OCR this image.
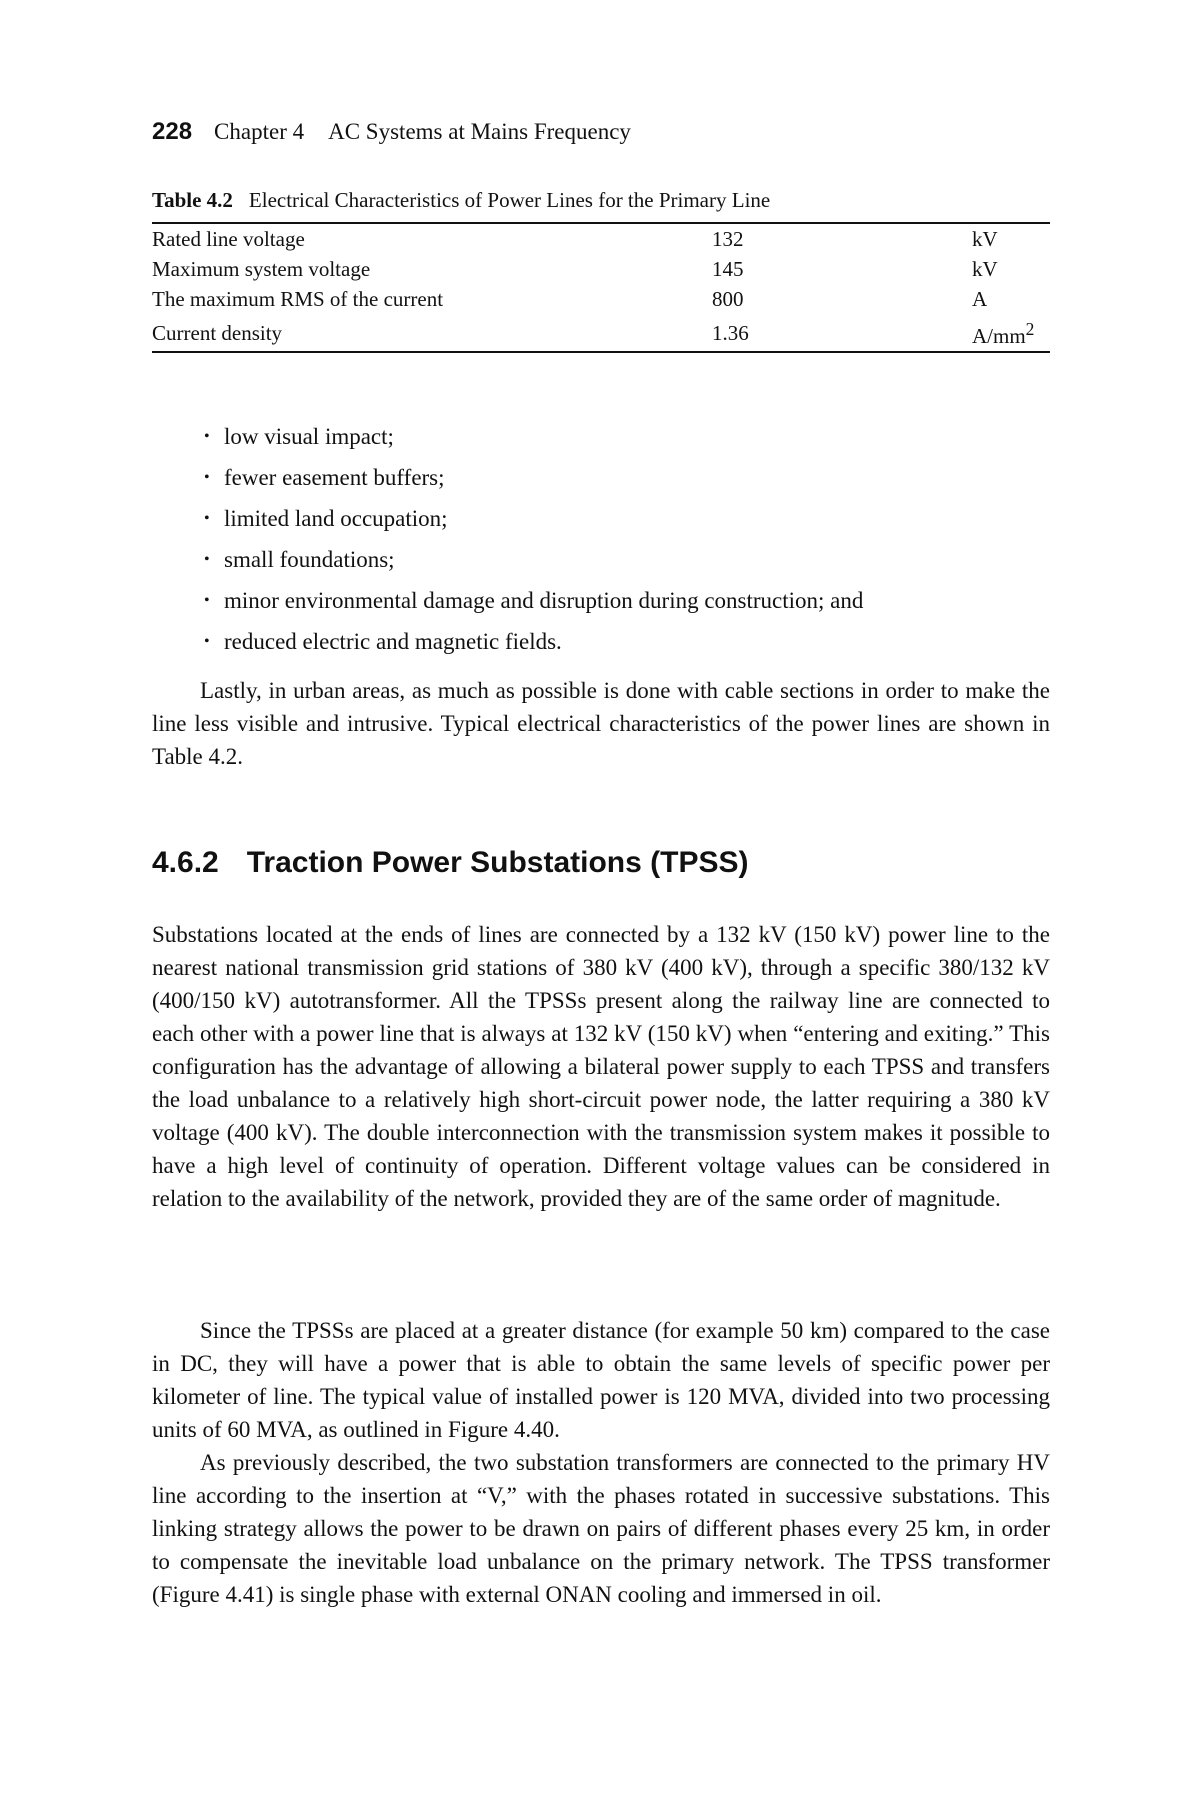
228 Chapter 4 AC Systems at Mains Frequency
Table 4.2 Electrical Characteristics of Power Lines for the Primary Line
Rated line voltage	132	kV
Maximum system voltage	145	kV
The maximum RMS of the current	800	A
Current density	1.36	$A/mm^2$
• low visual impact;
• fewer easement buffers;
• limited land occupation;
• small foundations;
• minor environmental damage and disruption during construction; and
• reduced electric and magnetic fields.

Lastly, in urban areas, as much as possible is done with cable sections in order to make the line less visible and intrusive. Typical electrical characteristics of the power lines are shown in Table 4.2.

4.6.2 Traction Power Substations (TPSS)

Substations located at the ends of lines are connected by a 132 kV (150 kV) power line to the nearest national transmission grid stations of 380 kV (400 kV), through a specific 380/132 kV (400/150 kV) autotransformer. All the TPSSs present along the railway line are connected to each other with a power line that is always at 132 kV (150 kV) when “entering and exiting.” This configuration has the advantage of allowing a bilateral power supply to each TPSS and transfers the load unbalance to a relatively high short-circuit power node, the latter requiring a 380 kV voltage (400 kV). The double interconnection with the transmission system makes it possible to have a high level of continuity of operation. Different voltage values can be considered in relation to the availability of the network, provided they are of the same order of magnitude.

Since the TPSSs are placed at a greater distance (for example 50 km) compared to the case in DC, they will have a power that is able to obtain the same levels of specific power per kilometer of line. The typical value of installed power is 120 MVA, divided into two processing units of 60 MVA, as outlined in Figure 4.40.

As previously described, the two substation transformers are connected to the primary HV line according to the insertion at “V,” with the phases rotated in successive substations. This linking strategy allows the power to be drawn on pairs of different phases every 25 km, in order to compensate the inevitable load unbalance on the primary network. The TPSS transformer (Figure 4.41) is single phase with external ONAN cooling and immersed in oil.
